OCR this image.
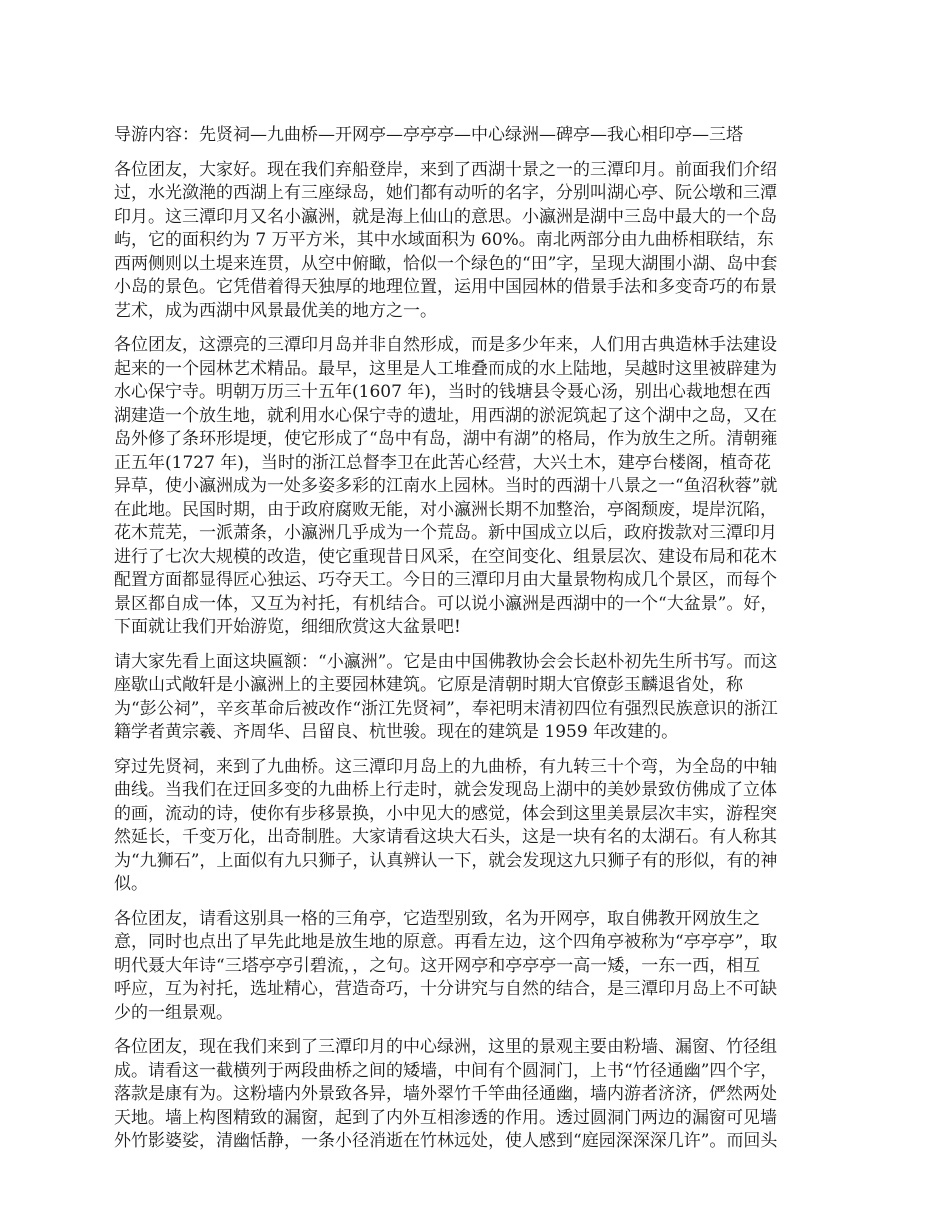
导游内容：先贤祠—九曲桥—开网亭—亭亭亭—中心绿洲—碑亭—我心相印亭—三塔
各位团友，大家好。现在我们弃船登岸，来到了西湖十景之一的三潭印月。前面我们介绍
过，水光潋滟的西湖上有三座绿岛，她们都有动听的名字，分别叫湖心亭、阮公墩和三潭
印月。这三潭印月又名小瀛洲，就是海上仙山的意思。小瀛洲是湖中三岛中最大的一个岛
屿，它的面积约为 7 万平方米，其中水域面积为 60%。南北两部分由九曲桥相联结，东
西两侧则以土堤来连贯，从空中俯瞰，恰似一个绿色的“田”字，呈现大湖围小湖、岛中套
小岛的景色。它凭借着得天独厚的地理位置，运用中国园林的借景手法和多变奇巧的布景
艺术，成为西湖中风景最优美的地方之一。
各位团友，这漂亮的三潭印月岛并非自然形成，而是多少年来，人们用古典造林手法建设
起来的一个园林艺术精品。最早，这里是人工堆叠而成的水上陆地，吴越时这里被辟建为
水心保宁寺。明朝万历三十五年(1607 年)，当时的钱塘县令聂心汤，别出心裁地想在西
湖建造一个放生地，就利用水心保宁寺的遗址，用西湖的淤泥筑起了这个湖中之岛，又在
岛外修了条环形堤埂，使它形成了“岛中有岛，湖中有湖”的格局，作为放生之所。清朝雍
正五年(1727 年)，当时的浙江总督李卫在此苦心经营，大兴土木，建亭台楼阁，植奇花
异草，使小瀛洲成为一处多姿多彩的江南水上园林。当时的西湖十八景之一“鱼沼秋蓉”就
在此地。民国时期，由于政府腐败无能，对小瀛洲长期不加整治，亭阁颓废，堤岸沉陷，
花木荒芜，一派萧条，小瀛洲几乎成为一个荒岛。新中国成立以后，政府拨款对三潭印月
进行了七次大规模的改造，使它重现昔日风采，在空间变化、组景层次、建设布局和花木
配置方面都显得匠心独运、巧夺天工。今日的三潭印月由大量景物构成几个景区，而每个
景区都自成一体，又互为衬托，有机结合。可以说小瀛洲是西湖中的一个“大盆景”。好，
下面就让我们开始游览，细细欣赏这大盆景吧!
请大家先看上面这块匾额：“小瀛洲”。它是由中国佛教协会会长赵朴初先生所书写。而这
座歇山式敞轩是小瀛洲上的主要园林建筑。它原是清朝时期大官僚彭玉麟退省处，称
为“彭公祠”，辛亥革命后被改作“浙江先贤祠”，奉祀明末清初四位有强烈民族意识的浙江
籍学者黄宗羲、齐周华、吕留良、杭世骏。现在的建筑是 1959 年改建的。
穿过先贤祠，来到了九曲桥。这三潭印月岛上的九曲桥，有九转三十个弯，为全岛的中轴
曲线。当我们在迂回多变的九曲桥上行走时，就会发现岛上湖中的美妙景致仿佛成了立体
的画，流动的诗，使你有步移景换，小中见大的感觉，体会到这里美景层次丰实，游程突
然延长，千变万化，出奇制胜。大家请看这块大石头，这是一块有名的太湖石。有人称其
为“九狮石”，上面似有九只狮子，认真辨认一下，就会发现这九只狮子有的形似，有的神
似。
各位团友，请看这别具一格的三角亭，它造型别致，名为开网亭，取自佛教开网放生之
意，同时也点出了早先此地是放生地的原意。再看左边，这个四角亭被称为“亭亭亭”，取
明代聂大年诗“三塔亭亭引碧流，，之句。这开网亭和亭亭亭一高一矮，一东一西，相互
呼应，互为衬托，选址精心，营造奇巧，十分讲究与自然的结合，是三潭印月岛上不可缺
少的一组景观。
各位团友，现在我们来到了三潭印月的中心绿洲，这里的景观主要由粉墙、漏窗、竹径组
成。请看这一截横列于两段曲桥之间的矮墙，中间有个圆洞门，上书“竹径通幽”四个字，
落款是康有为。这粉墙内外景致各异，墙外翠竹千竿曲径通幽，墙内游者济济，俨然两处
天地。墙上构图精致的漏窗，起到了内外互相渗透的作用。透过圆洞门两边的漏窗可见墙
外竹影婆娑，清幽恬静，一条小径消逝在竹林远处，使人感到“庭园深深深几许”。而回头
